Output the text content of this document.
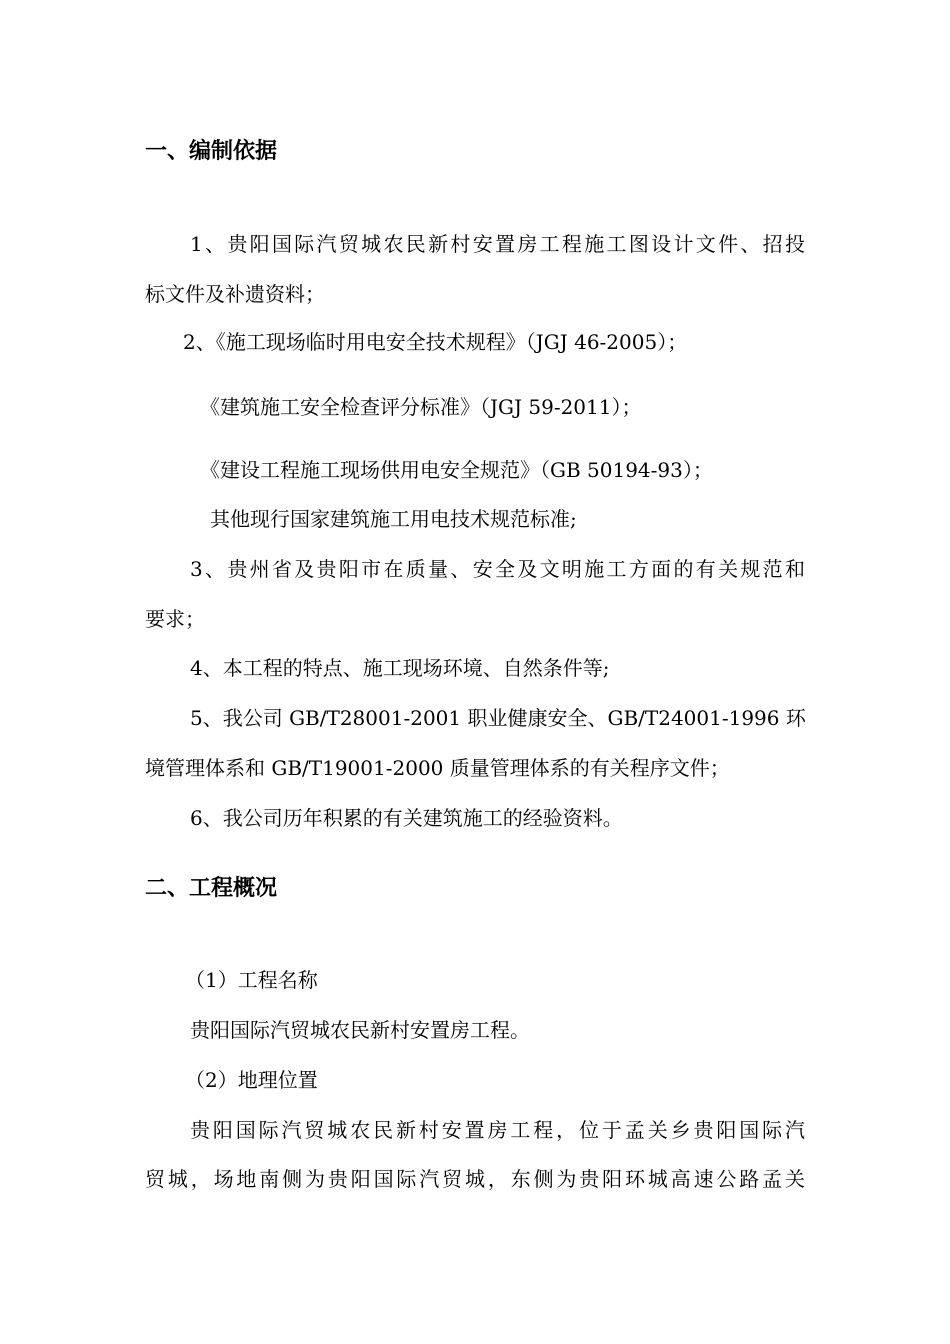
一、编制依据
1、贵阳国际汽贸城农民新村安置房工程施工图设计文件、招投
标文件及补遗资料；
2、《施工现场临时用电安全技术规程》（JGJ 46-2005）；
《建筑施工安全检查评分标准》（JGJ 59-2011）；
《建设工程施工现场供用电安全规范》（GB 50194-93）；
其他现行国家建筑施工用电技术规范标准;
3、贵州省及贵阳市在质量、安全及文明施工方面的有关规范和
要求；
4、本工程的特点、施工现场环境、自然条件等;
5、我公司 GB/T28001-2001 职业健康安全、GB/T24001-1996 环
境管理体系和 GB/T19001-2000 质量管理体系的有关程序文件；
6、我公司历年积累的有关建筑施工的经验资料。
二、工程概况
（1）工程名称
贵阳国际汽贸城农民新村安置房工程。
（2）地理位置
贵阳国际汽贸城农民新村安置房工程，位于孟关乡贵阳国际汽
贸城，场地南侧为贵阳国际汽贸城，东侧为贵阳环城高速公路孟关
